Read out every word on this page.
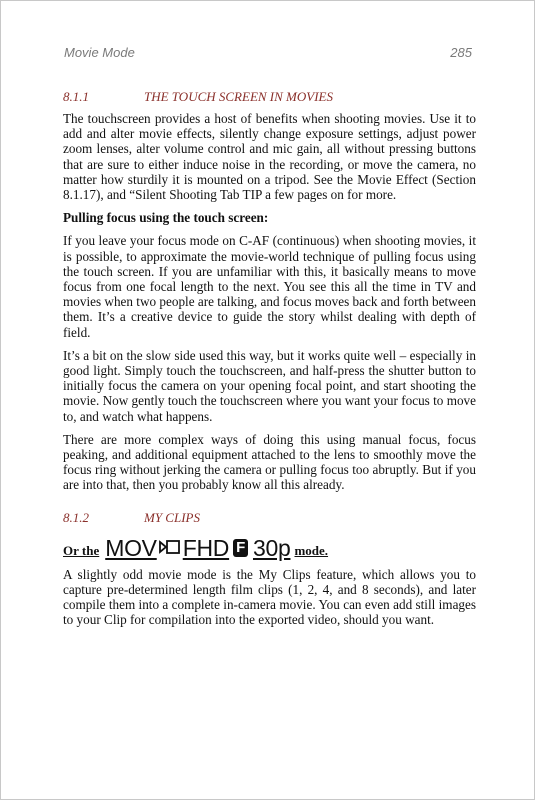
Movie Mode	285
8.1.1	THE TOUCH SCREEN IN MOVIES

The touchscreen provides a host of benefits when shooting movies. Use it to add and alter movie effects, silently change exposure settings, adjust power zoom lenses, alter volume control and mic gain, all without pressing buttons that are sure to either induce noise in the recording, or move the camera, no matter how sturdily it is mounted on a tripod. See the Movie Effect (Section 8.1.17), and “Silent Shooting Tab TIP a few pages on for more.

Pulling focus using the touch screen:

If you leave your focus mode on C-AF (continuous) when shooting movies, it is possible, to approximate the movie-world technique of pulling focus using the touch screen. If you are unfamiliar with this, it basically means to move focus from one focal length to the next. You see this all the time in TV and movies when two people are talking, and focus moves back and forth between them. It’s a creative device to guide the story whilst dealing with depth of field.

It’s a bit on the slow side used this way, but it works quite well – especially in good light. Simply touch the touchscreen, and half-press the shutter button to initially focus the camera on your opening focal point, and start shooting the movie. Now gently touch the touchscreen where you want your focus to move to, and watch what happens.

There are more complex ways of doing this using manual focus, focus peaking, and additional equipment attached to the lens to smoothly move the focus ring without jerking the camera or pulling focus too abruptly. But if you are into that, then you probably know all this already.

8.1.2	MY CLIPS
Or the MOV FHD F 30p mode.

A slightly odd movie mode is the My Clips feature, which allows you to capture pre-determined length film clips (1, 2, 4, and 8 seconds), and later compile them into a complete in-camera movie. You can even add still images to your Clip for compilation into the exported video, should you want.
